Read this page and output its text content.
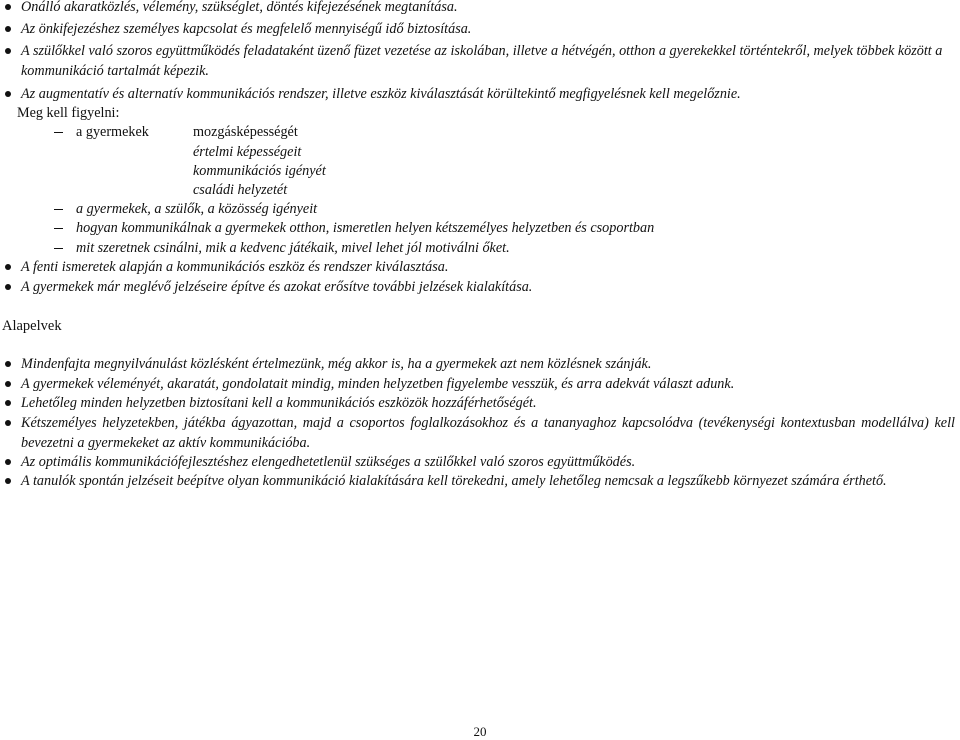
Önálló akaratközlés, vélemény, szükséglet, döntés kifejezésének megtanítása.
Az önkifejezéshez személyes kapcsolat és megfelelő mennyiségű idő biztosítása.
A szülőkkel való szoros együttműködés feladataként üzenő füzet vezetése az iskolában, illetve a hétvégén, otthon a gyerekekkel történtekről, melyek többek között a kommunikáció tartalmát képezik.
Az augmentatív és alternatív kommunikációs rendszer, illetve eszköz kiválasztását körültekintő megfigyelésnek kell megelőznie.
Meg kell figyelni:
a gyermekek	mozgásképességét
értelmi képességeit
kommunikációs igényét
családi helyzetét
a gyermekek, a szülők, a közösség igényeit
hogyan kommunikálnak a gyermekek otthon, ismeretlen helyen kétszemélyes helyzetben és csoportban
mit szeretnek csinálni, mik a kedvenc játékaik, mivel lehet jól motiválni őket.
A fenti ismeretek alapján a kommunikációs eszköz és rendszer kiválasztása.
A gyermekek már meglévő jelzéseire építve és azokat erősítve további jelzések kialakítása.
Alapelvek
Mindenfajta megnyilvánulást közlésként értelmezünk, még akkor is, ha a gyermekek azt nem közlésnek szánják.
A gyermekek véleményét, akaratát, gondolatait mindig, minden helyzetben figyelembe vesszük, és arra adekvát választ adunk.
Lehetőleg minden helyzetben biztosítani kell a kommunikációs eszközök hozzáférhetőségét.
Kétszemélyes helyzetekben, játékba ágyazottan, majd a csoportos foglalkozásokhoz és a tananyaghoz kapcsolódva (tevékenységi kontextusban modellálva) kell bevezetni a gyermekeket az aktív kommunikációba.
Az optimális kommunikációfejlesztéshez elengedhetetlenül szükséges a szülőkkel való szoros együttműködés.
A tanulók spontán jelzéseit beépítve olyan kommunikáció kialakítására kell törekedni, amely lehetőleg nemcsak a legszűkebb környezet számára érthető.
20
